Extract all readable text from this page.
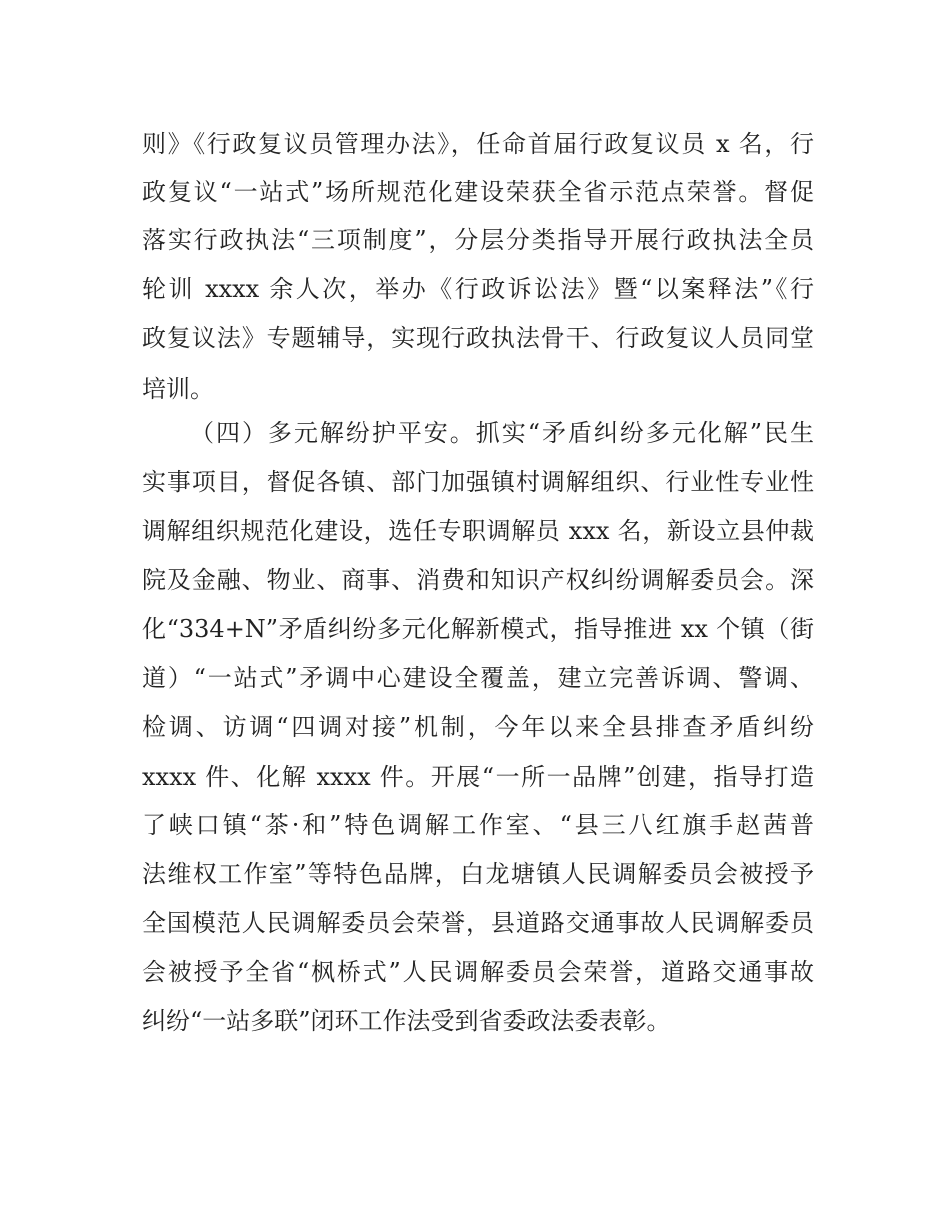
则》《行政复议员管理办法》，任命首届行政复议员 x 名，行
政复议“一站式”场所规范化建设荣获全省示范点荣誉。督促
落实行政执法“三项制度”，分层分类指导开展行政执法全员
轮训 xxxx 余人次，举办《行政诉讼法》暨“以案释法”《行
政复议法》专题辅导，实现行政执法骨干、行政复议人员同堂
培训。
（四）多元解纷护平安。抓实“矛盾纠纷多元化解”民生
实事项目，督促各镇、部门加强镇村调解组织、行业性专业性
调解组织规范化建设，选任专职调解员 xxx 名，新设立县仲裁
院及金融、物业、商事、消费和知识产权纠纷调解委员会。深
化“334+N”矛盾纠纷多元化解新模式，指导推进 xx 个镇（街
道）“一站式”矛调中心建设全覆盖，建立完善诉调、警调、
检调、访调“四调对接”机制，今年以来全县排查矛盾纠纷
xxxx 件、化解 xxxx 件。开展“一所一品牌”创建，指导打造
了峡口镇“茶·和”特色调解工作室、“县三八红旗手赵茜普
法维权工作室”等特色品牌，白龙塘镇人民调解委员会被授予
全国模范人民调解委员会荣誉，县道路交通事故人民调解委员
会被授予全省“枫桥式”人民调解委员会荣誉，道路交通事故
纠纷“一站多联”闭环工作法受到省委政法委表彰。
